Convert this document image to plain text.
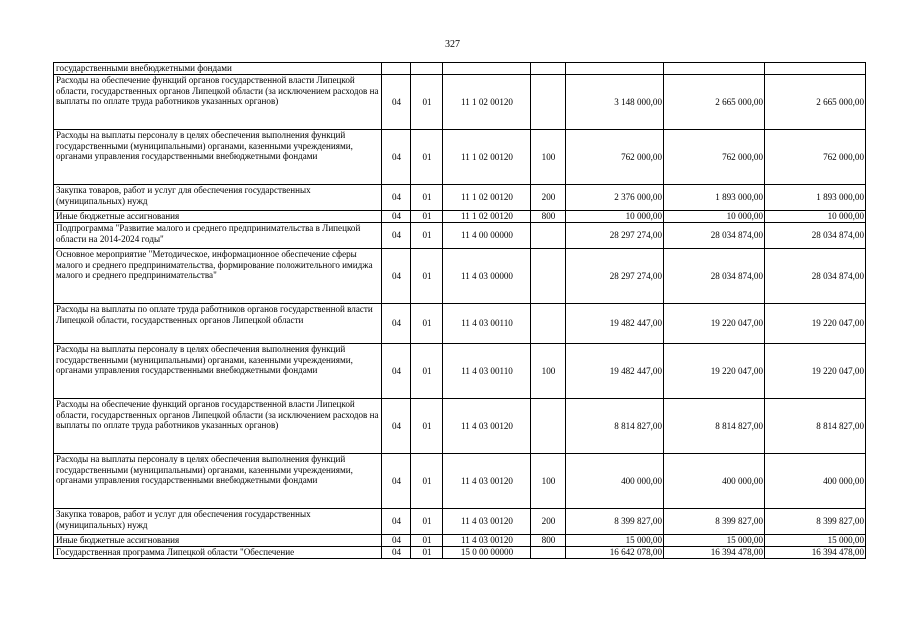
327
государственными внебюджетными фондами							
Расходы на обеспечение функций органов государственной власти Липецкой области, государственных органов Липецкой области (за исключением расходов на выплаты по оплате труда работников указанных органов)	04	01	11 1 02 00120		3 148 000,00	2 665 000,00	2 665 000,00
Расходы на выплаты персоналу в целях обеспечения выполнения функций государственными (муниципальными) органами, казенными учреждениями, органами управления государственными внебюджетными фондами	04	01	11 1 02 00120	100	762 000,00	762 000,00	762 000,00
Закупка товаров, работ и услуг для обеспечения государственных (муниципальных) нужд	04	01	11 1 02 00120	200	2 376 000,00	1 893 000,00	1 893 000,00
Иные бюджетные ассигнования	04	01	11 1 02 00120	800	10 000,00	10 000,00	10 000,00
Подпрограмма "Развитие малого и среднего предпринимательства в Липецкой области на 2014-2024 годы"	04	01	11 4 00 00000		28 297 274,00	28 034 874,00	28 034 874,00
Основное мероприятие "Методическое, информационное обеспечение сферы малого и среднего предпринимательства, формирование положительного имиджа малого и среднего предпринимательства"	04	01	11 4 03 00000		28 297 274,00	28 034 874,00	28 034 874,00
Расходы на выплаты по оплате труда работников органов государственной власти Липецкой области, государственных органов Липецкой области	04	01	11 4 03 00110		19 482 447,00	19 220 047,00	19 220 047,00
Расходы на выплаты персоналу в целях обеспечения выполнения функций государственными (муниципальными) органами, казенными учреждениями, органами управления государственными внебюджетными фондами	04	01	11 4 03 00110	100	19 482 447,00	19 220 047,00	19 220 047,00
Расходы на обеспечение функций органов государственной власти Липецкой области, государственных органов Липецкой области (за исключением расходов на выплаты по оплате труда работников указанных органов)	04	01	11 4 03 00120		8 814 827,00	8 814 827,00	8 814 827,00
Расходы на выплаты персоналу в целях обеспечения выполнения функций государственными (муниципальными) органами, казенными учреждениями, органами управления государственными внебюджетными фондами	04	01	11 4 03 00120	100	400 000,00	400 000,00	400 000,00
Закупка товаров, работ и услуг для обеспечения государственных (муниципальных) нужд	04	01	11 4 03 00120	200	8 399 827,00	8 399 827,00	8 399 827,00
Иные бюджетные ассигнования	04	01	11 4 03 00120	800	15 000,00	15 000,00	15 000,00
Государственная программа Липецкой области "Обеспечение	04	01	15 0 00 00000		16 642 078,00	16 394 478,00	16 394 478,00
